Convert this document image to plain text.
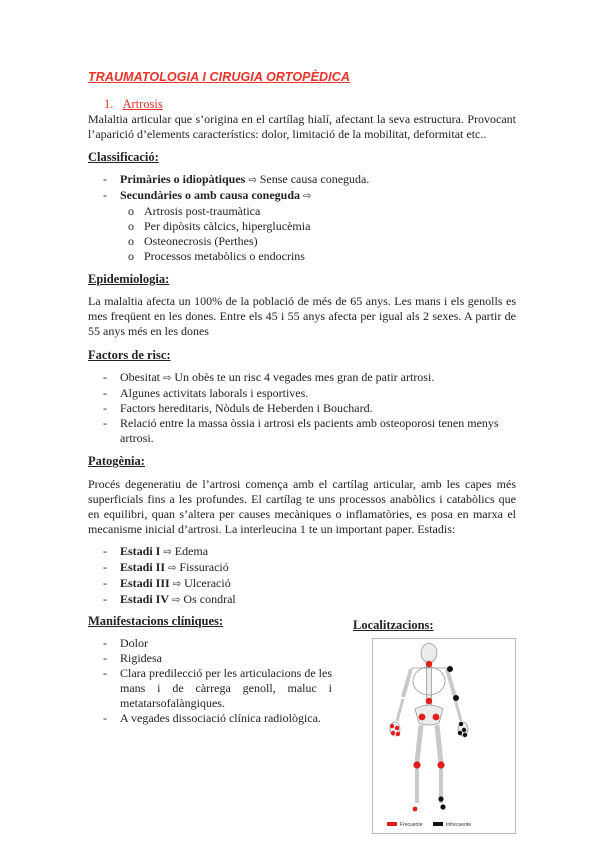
TRAUMATOLOGIA I CIRUGIA ORTOPÈDICA
1. Artrosis
Malaltia articular que s’origina en el cartílag hialí, afectant la seva estructura. Provocant l’aparició d’elements característics: dolor, limitació de la mobilitat, deformitat etc..
Classificació:
- Primàries o idiopàtiques ⇨ Sense causa coneguda.
- Secundàries o amb causa coneguda ⇨
o Artrosis post-traumàtica
o Per dipòsits càlcics, hiperglucèmia
o Osteonecrosis (Perthes)
o Processos metabòlics o endocrins
Epidemiologia:
La malaltia afecta un 100% de la població de més de 65 anys. Les mans i els genolls es mes freqüent en les dones. Entre els 45 i 55 anys afecta per igual als 2 sexes. A partir de 55 anys més en les dones
Factors de risc:
- Obesitat ⇨ Un obès te un risc 4 vegades mes gran de patir artrosi.
- Algunes activitats laborals i esportives.
- Factors hereditaris, Nòduls de Heberden i Bouchard.
- Relació entre la massa òssia i artrosi els pacients amb osteoporosi tenen menys artrosi.
Patogènia:
Procés degeneratiu de l’artrosi comença amb el cartílag articular, amb les capes més superficials fins a les profundes. El cartílag te uns processos anabòlics i catabòlics que en equilibri, quan s’altera per causes mecàniques o inflamatòries, es posa en marxa el mecanisme inicial d’artrosi. La interleucina 1 te un important paper. Estadis:
- Estadi I ⇨ Edema
- Estadi II ⇨ Fissuració
- Estadi III ⇨ Ulceració
- Estadi IV ⇨ Os condral
Manifestacions clíniques:
- Dolor
- Rigidesa
- Clara predilecció per les articulacions de les mans i de càrrega genoll, maluc i metatarsofalàngiques.
- A vegades dissociació clínica radiològica.
Localitzacions:
Frecuente	Infrecuente
